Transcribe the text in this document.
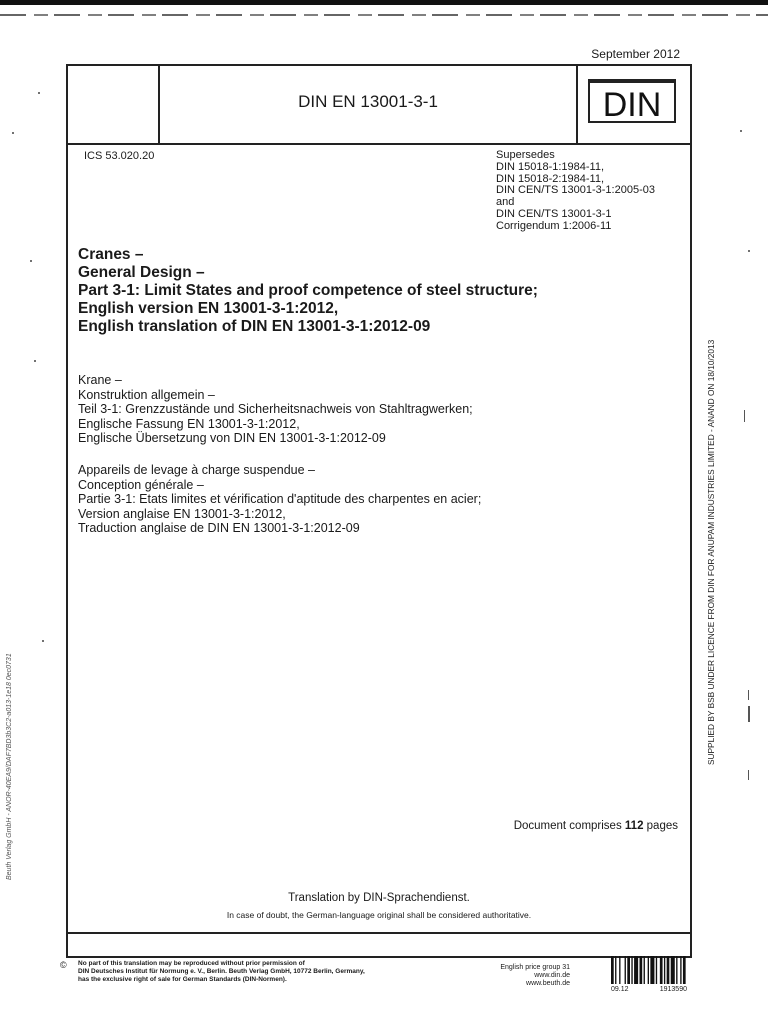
September 2012
DIN EN 13001-3-1	DIN
ICS 53.020.20	Supersedes
DIN 15018-1:1984-11,
DIN 15018-2:1984-11,
DIN CEN/TS 13001-3-1:2005-03
and
DIN CEN/TS 13001-3-1
Corrigendum 1:2006-11
Cranes –
General Design –
Part 3-1: Limit States and proof competence of steel structure;
English version EN 13001-3-1:2012,
English translation of DIN EN 13001-3-1:2012-09
Krane –
Konstruktion allgemein –
Teil 3-1: Grenzzustände und Sicherheitsnachweis von Stahltragwerken;
Englische Fassung EN 13001-3-1:2012,
Englische Übersetzung von DIN EN 13001-3-1:2012-09
Appareils de levage à charge suspendue –
Conception générale –
Partie 3-1: Etats limites et vérification d'aptitude des charpentes en acier;
Version anglaise EN 13001-3-1:2012,
Traduction anglaise de DIN EN 13001-3-1:2012-09
Document comprises 112 pages
Translation by DIN-Sprachendienst.
In case of doubt, the German-language original shall be considered authoritative.
© No part of this translation may be reproduced without prior permission of
DIN Deutsches Institut für Normung e. V., Berlin. Beuth Verlag GmbH, 10772 Berlin, Germany,
has the exclusive right of sale for German Standards (DIN-Normen).
English price group 31
www.din.de
www.beuth.de
09.12	1913590
SUPPLIED BY BSB UNDER LICENCE FROM DIN FOR ANUPAM INDUSTRIES LIMITED - ANAND ON 18/10/2013
Beuth Verlag GmbH - ANOR-40EA9/DAF7BD3b3C2-a013-1e18 0ec0731
